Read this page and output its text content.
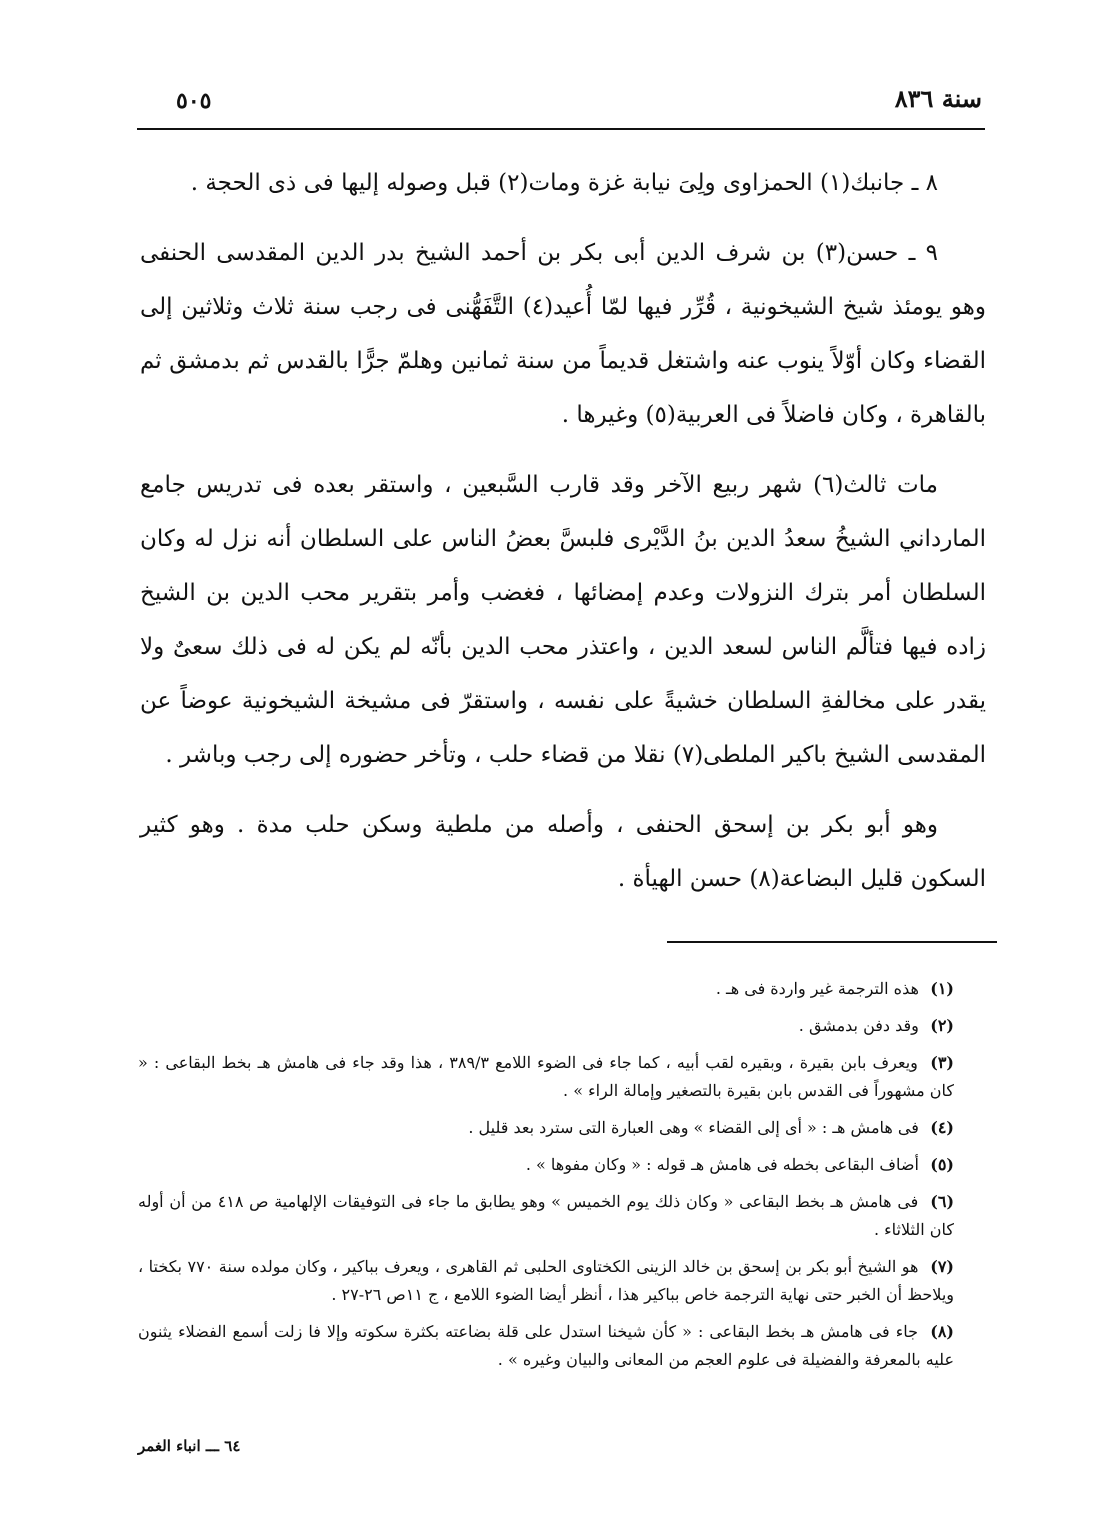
٥٠٥	سنة ٨٣٦

٨ ـ جانبك(١) الحمزاوى ولِىَ نيابة غزة ومات(٢) قبل وصوله إليها فى ذى الحجة .

٩ ـ حسن(٣) بن شرف الدين أبى بكر بن أحمد الشيخ بدر الدين المقدسى الحنفى وهو يومئذ شيخ الشيخونية ، قُرِّر فيها لمّا أُعيد(٤) التَّفَهُّنى فى رجب سنة ثلاث وثلاثين إلى القضاء وكان أوّلاً ينوب عنه واشتغل قديماً من سنة ثمانين وهلمّ جرًّا بالقدس ثم بدمشق ثم بالقاهرة ، وكان فاضلاً فى العربية(٥) وغيرها .

مات ثالث(٦) شهر ربيع الآخر وقد قارب السَّبعين ، واستقر بعده فى تدريس جامع المارداني الشيخُ سعدُ الدين بنُ الدَّيْرى فلبسَّ بعضُ الناس على السلطان أنه نزل له وكان السلطان أمر بترك النزولات وعدم إمضائها ، فغضب وأمر بتقرير محب الدين بن الشيخ زاده فيها فتألَّم الناس لسعد الدين ، واعتذر محب الدين بأنّه لم يكن له فى ذلك سعىٌ ولا يقدر على مخالفةِ السلطان خشيةً على نفسه ، واستقرّ فى مشيخة الشيخونية عوضاً عن المقدسى الشيخ باكير الملطى(٧) نقلا من قضاء حلب ، وتأخر حضوره إلى رجب وباشر .

وهو أبو بكر بن إسحق الحنفى ، وأصله من ملطية وسكن حلب مدة . وهو كثير السكون قليل البضاعة(٨) حسن الهيأة .

(١) هذه الترجمة غير واردة فى هـ .

(٢) وقد دفن بدمشق .

(٣) ويعرف بابن بقيرة ، وبقيره لقب أبيه ، كما جاء فى الضوء اللامع ٣٨٩/٣ ، هذا وقد جاء فى هامش هـ بخط البقاعى : « كان مشهوراً فى القدس بابن بقيرة بالتصغير وإمالة الراء » .

(٤) فى هامش هـ : « أى إلى القضاء » وهى العبارة التى سترد بعد قليل .

(٥) أضاف البقاعى بخطه فى هامش هـ قوله : « وكان مفوها » .

(٦) فى هامش هـ بخط البقاعى « وكان ذلك يوم الخميس » وهو يطابق ما جاء فى التوفيقات الإلهامية ص ٤١٨ من أن أوله كان الثلاثاء .

(٧) هو الشيخ أبو بكر بن إسحق بن خالد الزينى الكختاوى الحلبى ثم القاهرى ، ويعرف بباكير ، وكان مولده سنة ٧٧٠ بكختا ، ويلاحظ أن الخبر حتى نهاية الترجمة خاص بباكير هذا ، أنظر أيضا الضوء اللامع ، ج ١١ص ٢٦-٢٧ .

(٨) جاء فى هامش هـ بخط البقاعى : « كأن شيخنا استدل على قلة بضاعته بكثرة سكوته وإلا فا زلت أسمع الفضلاء يثنون عليه بالمعرفة والفضيلة فى علوم العجم من المعانى والبيان وغيره » .

٦٤ ـــ انباء الغمر
